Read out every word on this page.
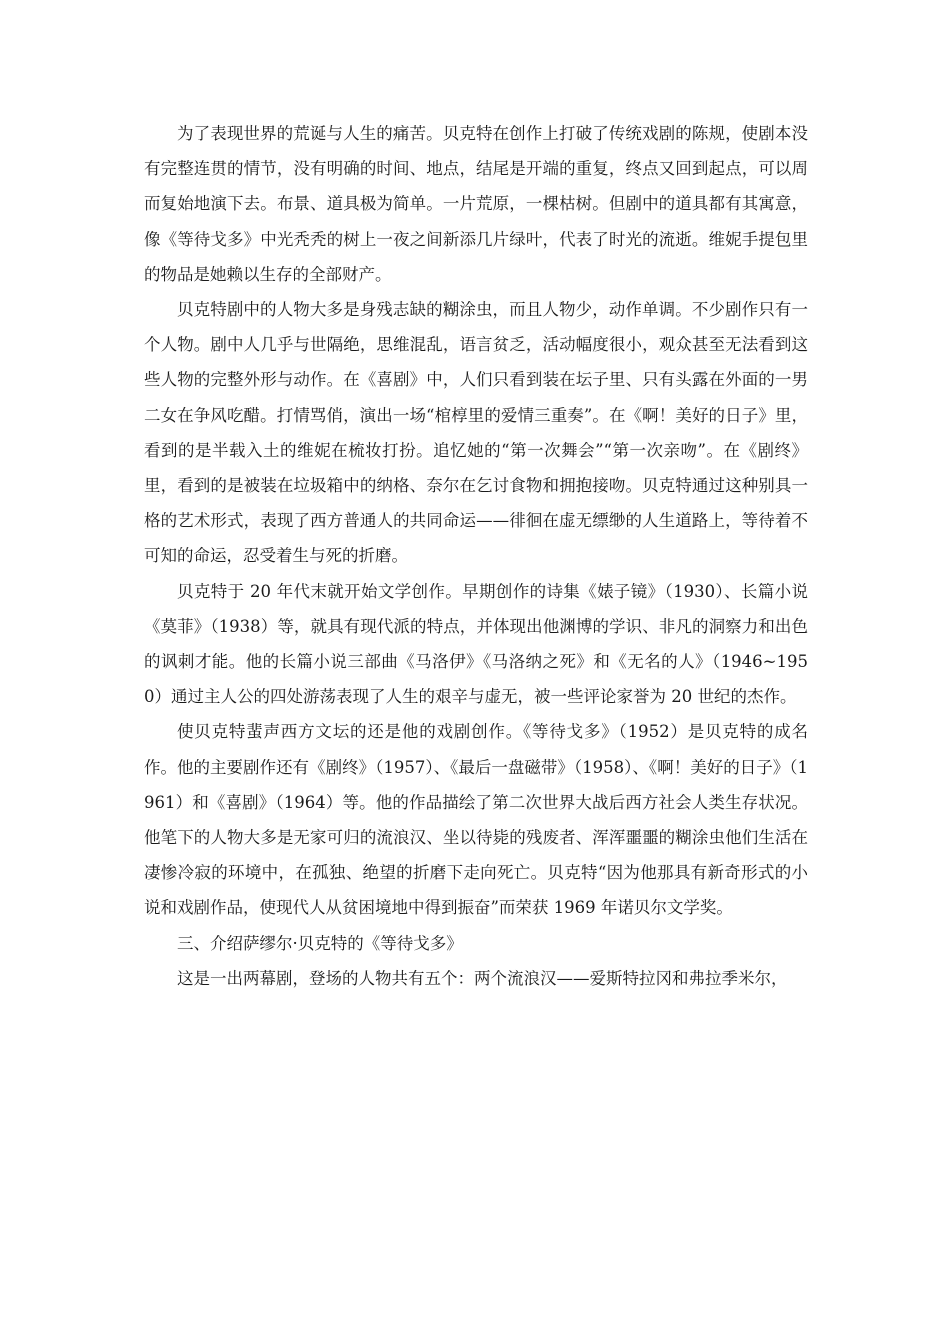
为了表现世界的荒诞与人生的痛苦。贝克特在创作上打破了传统戏剧的陈规，使剧本没有完整连贯的情节，没有明确的时间、地点，结尾是开端的重复，终点又回到起点，可以周而复始地演下去。布景、道具极为简单。一片荒原，一棵枯树。但剧中的道具都有其寓意，像《等待戈多》中光秃秃的树上一夜之间新添几片绿叶，代表了时光的流逝。维妮手提包里的物品是她赖以生存的全部财产。

贝克特剧中的人物大多是身残志缺的糊涂虫，而且人物少，动作单调。不少剧作只有一个人物。剧中人几乎与世隔绝，思维混乱，语言贫乏，活动幅度很小，观众甚至无法看到这些人物的完整外形与动作。在《喜剧》中，人们只看到装在坛子里、只有头露在外面的一男二女在争风吃醋。打情骂俏，演出一场“棺椁里的爱情三重奏”。在《啊！美好的日子》里，看到的是半载入土的维妮在梳妆打扮。追忆她的“第一次舞会”“第一次亲吻”。在《剧终》里，看到的是被装在垃圾箱中的纳格、奈尔在乞讨食物和拥抱接吻。贝克特通过这种别具一格的艺术形式，表现了西方普通人的共同命运——徘徊在虚无缥缈的人生道路上，等待着不可知的命运，忍受着生与死的折磨。

贝克特于 20 年代末就开始文学创作。早期创作的诗集《婊子镜》（1930）、长篇小说《莫菲》（1938）等，就具有现代派的特点，并体现出他渊博的学识、非凡的洞察力和出色的讽刺才能。他的长篇小说三部曲《马洛伊》《马洛纳之死》和《无名的人》（1946~1950）通过主人公的四处游荡表现了人生的艰辛与虚无，被一些评论家誉为 20 世纪的杰作。

使贝克特蜚声西方文坛的还是他的戏剧创作。《等待戈多》（1952）是贝克特的成名作。他的主要剧作还有《剧终》（1957）、《最后一盘磁带》（1958）、《啊！美好的日子》（1961）和《喜剧》（1964）等。他的作品描绘了第二次世界大战后西方社会人类生存状况。他笔下的人物大多是无家可归的流浪汉、坐以待毙的残废者、浑浑噩噩的糊涂虫他们生活在凄惨冷寂的环境中，在孤独、绝望的折磨下走向死亡。贝克特“因为他那具有新奇形式的小说和戏剧作品，使现代人从贫困境地中得到振奋”而荣获 1969 年诺贝尔文学奖。

三、介绍萨缪尔·贝克特的《等待戈多》

这是一出两幕剧，登场的人物共有五个：两个流浪汉——爱斯特拉冈和弗拉季米尔，
